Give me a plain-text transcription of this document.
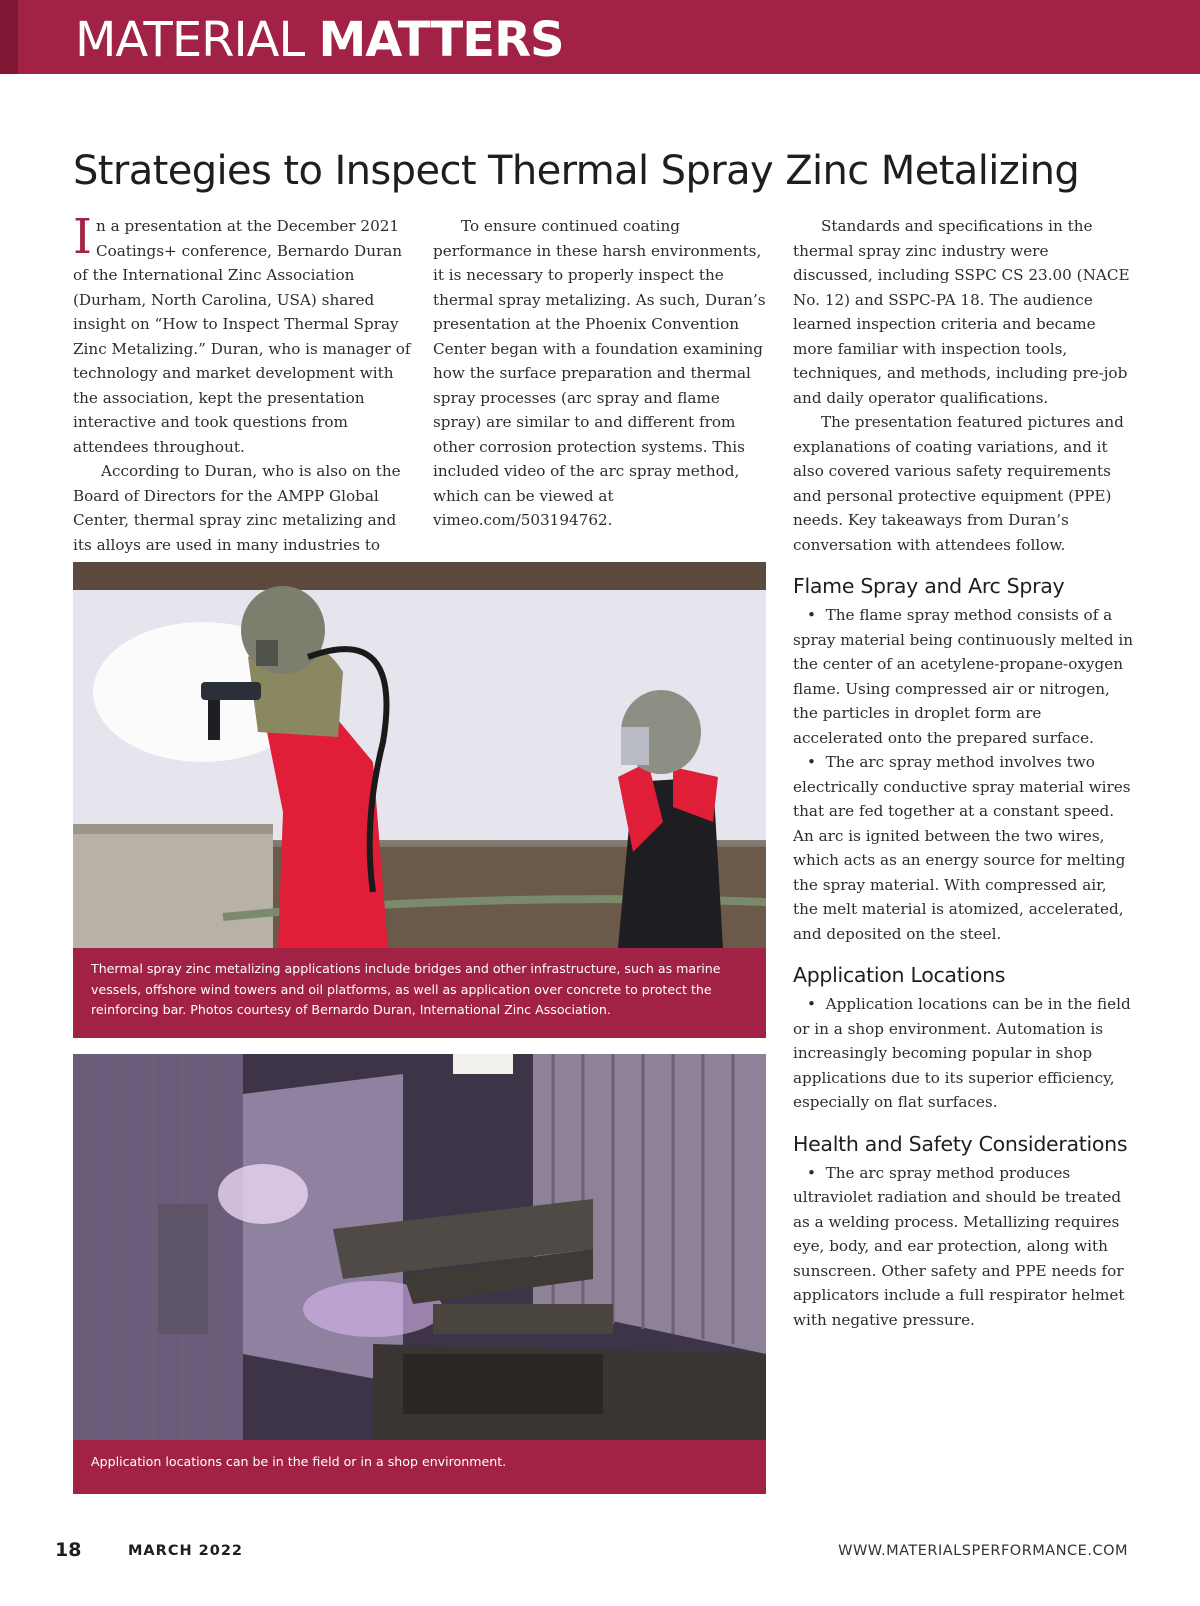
MATERIAL MATTERS
Strategies to Inspect Thermal Spray Zinc Metalizing

In a presentation at the December 2021 Coatings+ conference, Bernardo Duran of the International Zinc Association (Durham, North Carolina, USA) shared insight on “How to Inspect Thermal Spray Zinc Metalizing.” Duran, who is manager of technology and market development with the association, kept the presentation interactive and took questions from attendees throughout.

According to Duran, who is also on the Board of Directors for the AMPP Global Center, thermal spray zinc metalizing and its alloys are used in many industries to

To ensure continued coating performance in these harsh environments, it is necessary to properly inspect the thermal spray metalizing. As such, Duran’s presentation at the Phoenix Convention Center began with a foundation examining how the surface preparation and thermal spray processes (arc spray and flame spray) are similar to and different from other corrosion protection systems. This included video of the arc spray method, which can be viewed at vimeo.com/503194762.

Standards and specifications in the thermal spray zinc industry were discussed, including SSPC CS 23.00 (NACE No. 12) and SSPC-PA 18. The audience learned inspection criteria and became more familiar with inspection tools, techniques, and methods, including pre-job and daily operator qualifications.

The presentation featured pictures and explanations of coating variations, and it also covered various safety requirements and personal protective equipment (PPE) needs. Key takeaways from Duran’s conversation with attendees follow.

Flame Spray and Arc Spray
•  The flame spray method consists of a spray material being continuously melted in the center of an acetylene-propane-oxygen flame. Using compressed air or nitrogen, the particles in droplet form are accelerated onto the prepared surface.
•  The arc spray method involves two electrically conductive spray material wires that are fed together at a constant speed. An arc is ignited between the two wires, which acts as an energy source for melting the spray material. With compressed air, the melt material is atomized, accelerated, and deposited on the steel.
Application Locations
•  Application locations can be in the field or in a shop environment. Automation is increasingly becoming popular in shop applications due to its superior efficiency, especially on flat surfaces.
Health and Safety Considerations
•  The arc spray method produces ultraviolet radiation and should be treated as a welding process. Metallizing requires eye, body, and ear protection, along with sunscreen. Other safety and PPE needs for applicators include a full respirator helmet with negative pressure.
Thermal spray zinc metalizing applications include bridges and other infrastructure, such as marine vessels, offshore wind towers and oil platforms, as well as application over concrete to protect the reinforcing bar. Photos courtesy of Bernardo Duran, International Zinc Association.
Application locations can be in the field or in a shop environment.
18	MARCH 2022	WWW.MATERIALSPERFORMANCE.COM
